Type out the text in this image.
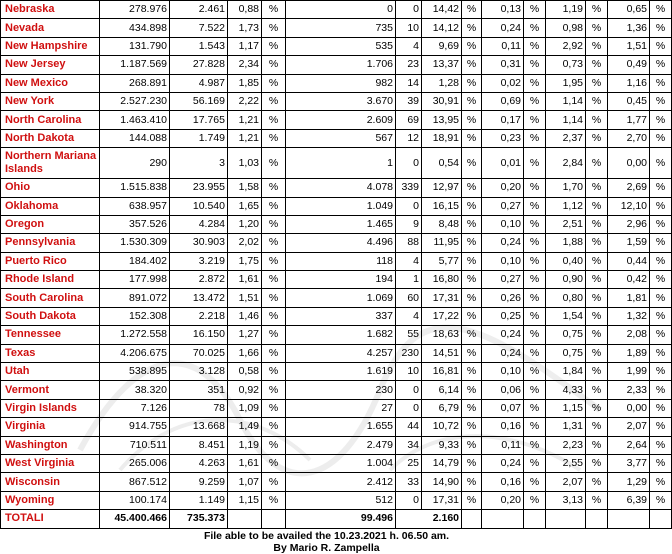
Nebraska	278.976	2.461	0,88	%	0	0	14,42	%	0,13	%	1,19	%	0,65	%	
Nevada	434.898	7.522	1,73	%	735	10	14,12	%	0,24	%	0,98	%	1,36	%	
New Hampshire	131.790	1.543	1,17	%	535	4	9,69	%	0,11	%	2,92	%	1,51	%	
New Jersey	1.187.569	27.828	2,34	%	1.706	23	13,37	%	0,31	%	0,73	%	0,49	%	
New Mexico	268.891	4.987	1,85	%	982	14	1,28	%	0,02	%	1,95	%	1,16	%	
New York	2.527.230	56.169	2,22	%	3.670	39	30,91	%	0,69	%	1,14	%	0,45	%	
North Carolina	1.463.410	17.765	1,21	%	2.609	69	13,95	%	0,17	%	1,14	%	1,77	%	
North Dakota	144.088	1.749	1,21	%	567	12	18,91	%	0,23	%	2,37	%	2,70	%	
Northern Mariana Islands	290	3	1,03	%	1	0	0,54	%	0,01	%	2,84	%	0,00	%	
Ohio	1.515.838	23.955	1,58	%	4.078	339	12,97	%	0,20	%	1,70	%	2,69	%	
Oklahoma	638.957	10.540	1,65	%	1.049	0	16,15	%	0,27	%	1,12	%	12,10	%	
Oregon	357.526	4.284	1,20	%	1.465	9	8,48	%	0,10	%	2,51	%	2,96	%	
Pennsylvania	1.530.309	30.903	2,02	%	4.496	88	11,95	%	0,24	%	1,88	%	1,59	%	
Puerto Rico	184.402	3.219	1,75	%	118	4	5,77	%	0,10	%	0,40	%	0,44	%	
Rhode Island	177.998	2.872	1,61	%	194	1	16,80	%	0,27	%	0,90	%	0,42	%	
South Carolina	891.072	13.472	1,51	%	1.069	60	17,31	%	0,26	%	0,80	%	1,81	%	
South Dakota	152.308	2.218	1,46	%	337	4	17,22	%	0,25	%	1,54	%	1,32	%	
Tennessee	1.272.558	16.150	1,27	%	1.682	55	18,63	%	0,24	%	0,75	%	2,08	%	
Texas	4.206.675	70.025	1,66	%	4.257	230	14,51	%	0,24	%	0,75	%	1,89	%	
Utah	538.895	3.128	0,58	%	1.619	10	16,81	%	0,10	%	1,84	%	1,99	%	
Vermont	38.320	351	0,92	%	230	0	6,14	%	0,06	%	4,33	%	2,33	%	
Virgin Islands	7.126	78	1,09	%	27	0	6,79	%	0,07	%	1,15	%	0,00	%	
Virginia	914.755	13.668	1,49	%	1.655	44	10,72	%	0,16	%	1,31	%	2,07	%	
Washington	710.511	8.451	1,19	%	2.479	34	9,33	%	0,11	%	2,23	%	2,64	%	
West Virginia	265.006	4.263	1,61	%	1.004	25	14,79	%	0,24	%	2,55	%	3,77	%	
Wisconsin	867.512	9.259	1,07	%	2.412	33	14,90	%	0,16	%	2,07	%	1,29	%	
Wyoming	100.174	1.149	1,15	%	512	0	17,31	%	0,20	%	3,13	%	6,39	%	
TOTALI	45.400.466	735.373			99.496	2.160									
File able to be availed the 10.23.2021 h. 06.50 am.
By Mario R. Zampella
